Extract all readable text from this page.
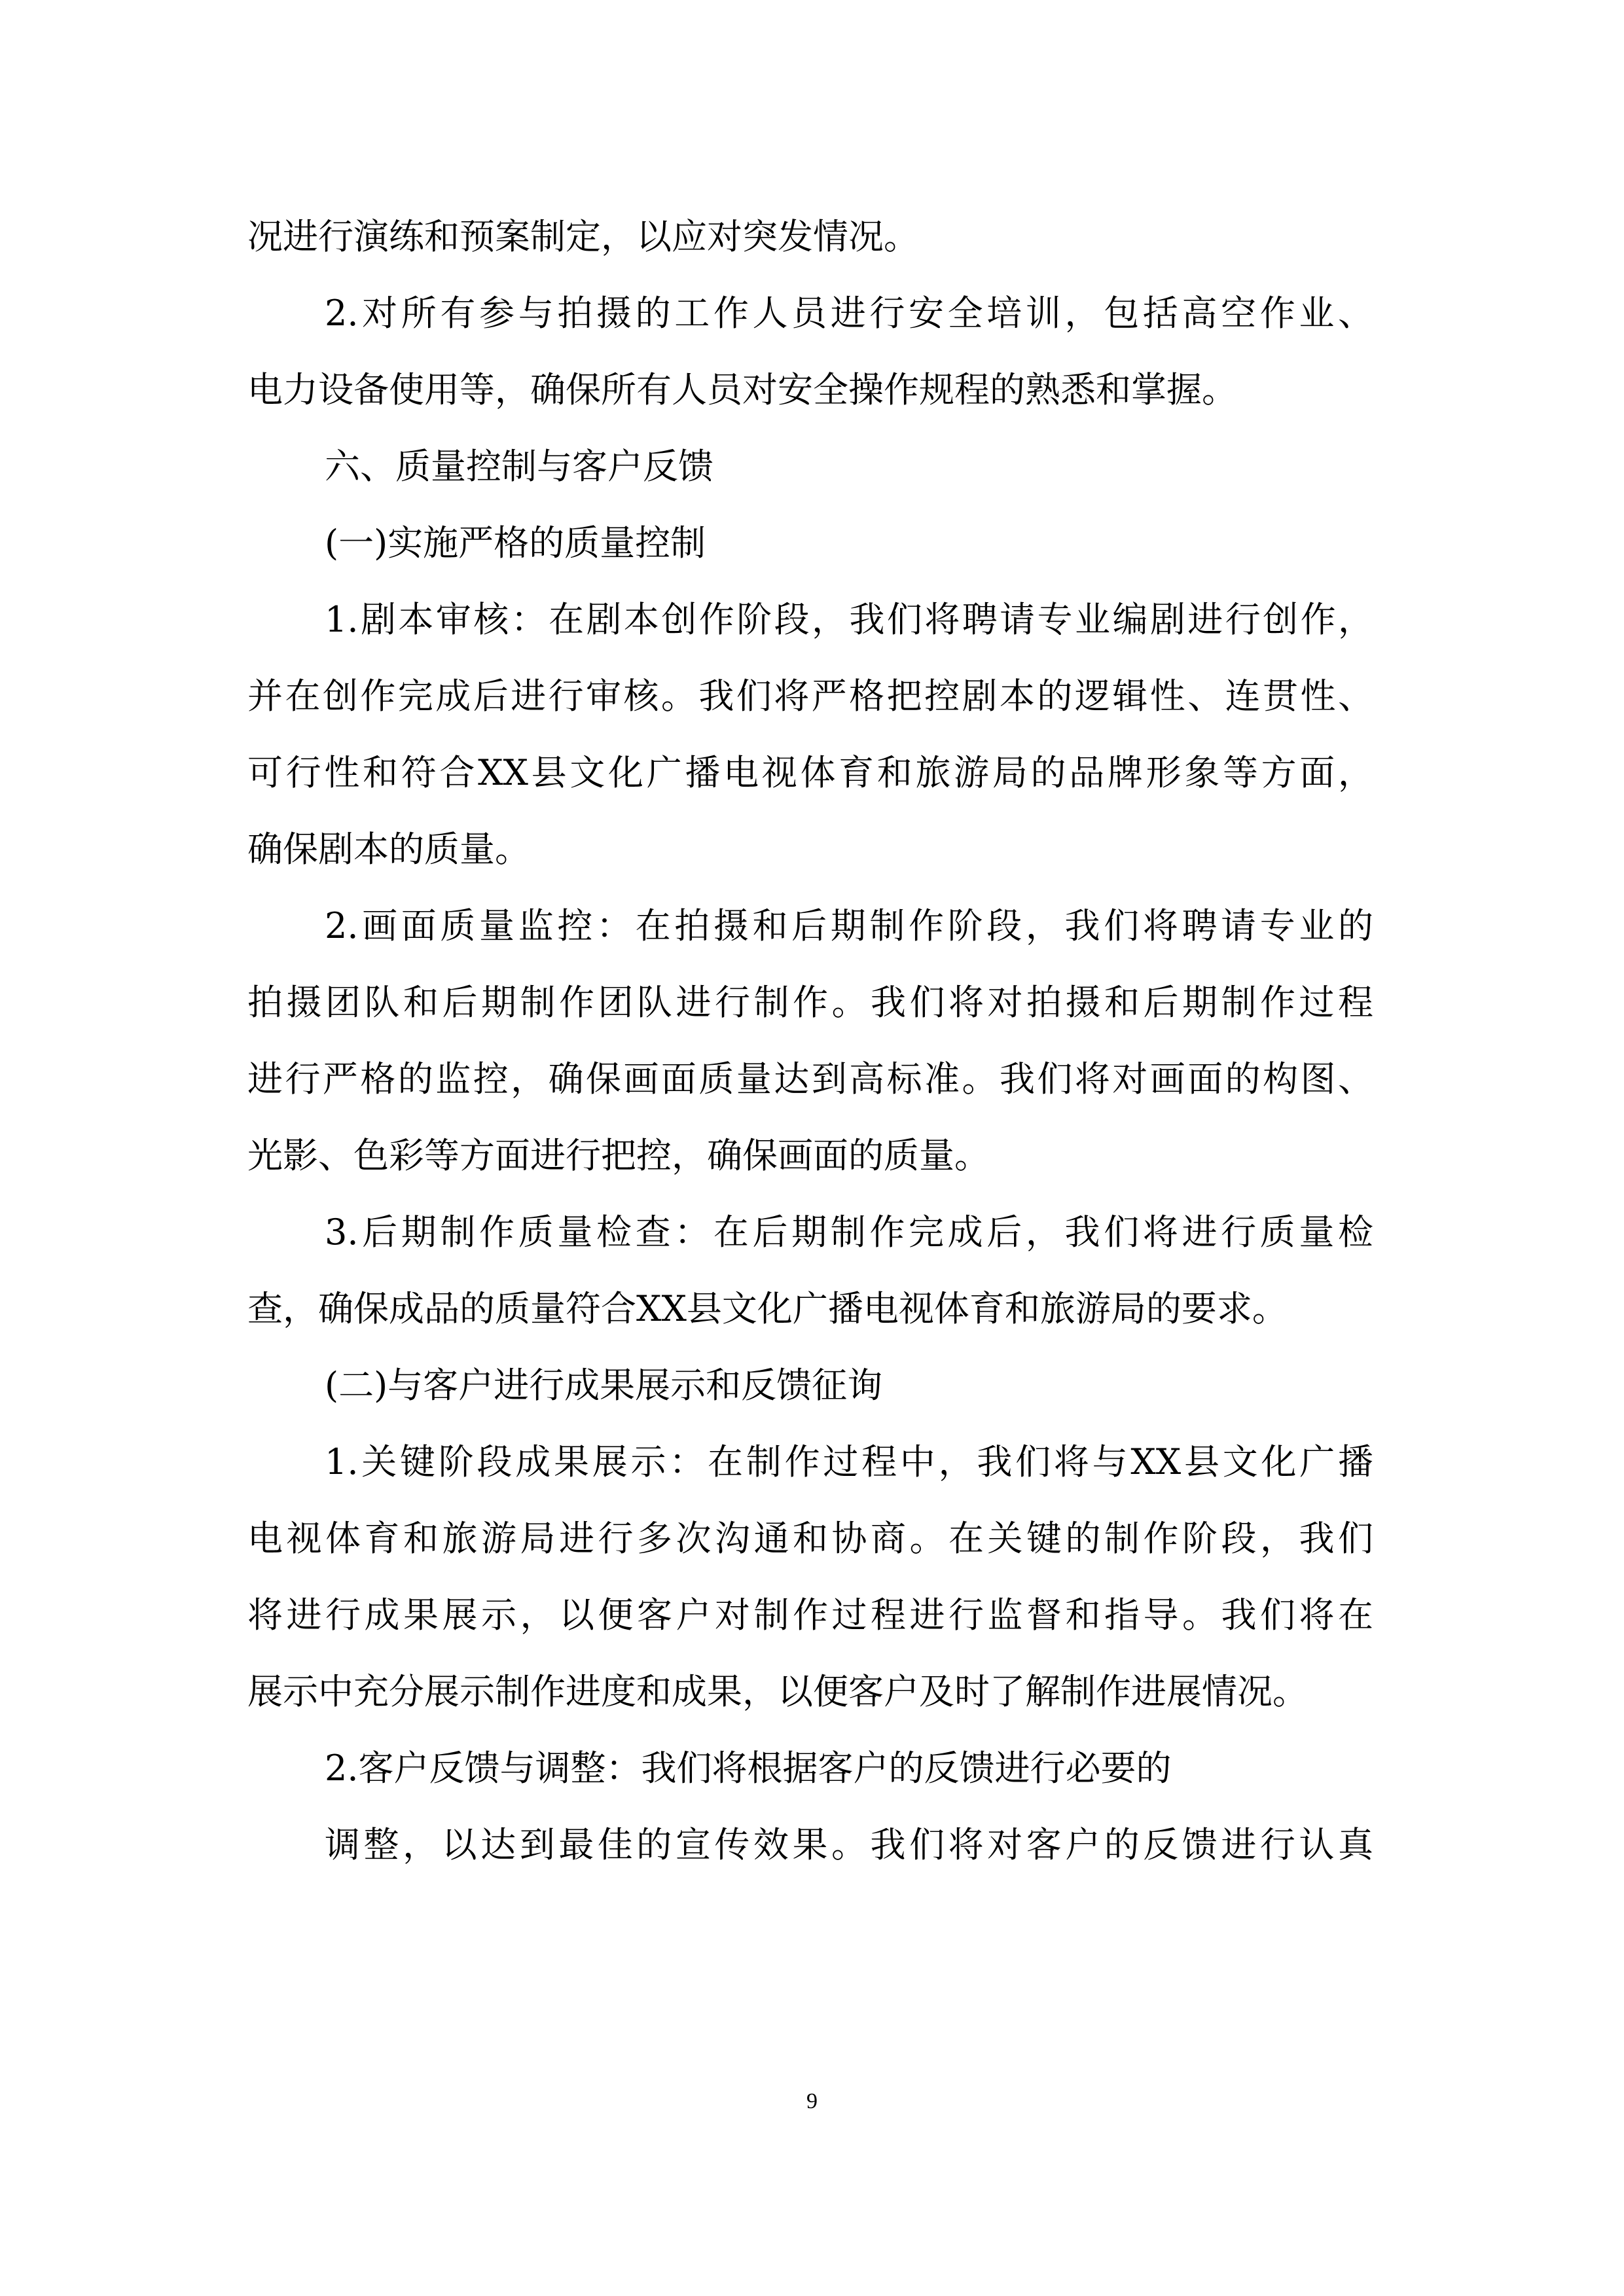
况进行演练和预案制定，以应对突发情况。

2.对所有参与拍摄的工作人员进行安全培训，包括高空作业、

电力设备使用等，确保所有人员对安全操作规程的熟悉和掌握。

六、质量控制与客户反馈

(一)实施严格的质量控制

1.剧本审核：在剧本创作阶段，我们将聘请专业编剧进行创作，

并在创作完成后进行审核。我们将严格把控剧本的逻辑性、连贯性、

可行性和符合XX县文化广播电视体育和旅游局的品牌形象等方面，

确保剧本的质量。

2.画面质量监控：在拍摄和后期制作阶段，我们将聘请专业的

拍摄团队和后期制作团队进行制作。我们将对拍摄和后期制作过程

进行严格的监控，确保画面质量达到高标准。我们将对画面的构图、

光影、色彩等方面进行把控，确保画面的质量。

3.后期制作质量检查：在后期制作完成后，我们将进行质量检

查，确保成品的质量符合XX县文化广播电视体育和旅游局的要求。

(二)与客户进行成果展示和反馈征询

1.关键阶段成果展示：在制作过程中，我们将与XX县文化广播

电视体育和旅游局进行多次沟通和协商。在关键的制作阶段，我们

将进行成果展示，以便客户对制作过程进行监督和指导。我们将在

展示中充分展示制作进度和成果，以便客户及时了解制作进展情况。

2.客户反馈与调整：我们将根据客户的反馈进行必要的

调整，以达到最佳的宣传效果。我们将对客户的反馈进行认真

9
